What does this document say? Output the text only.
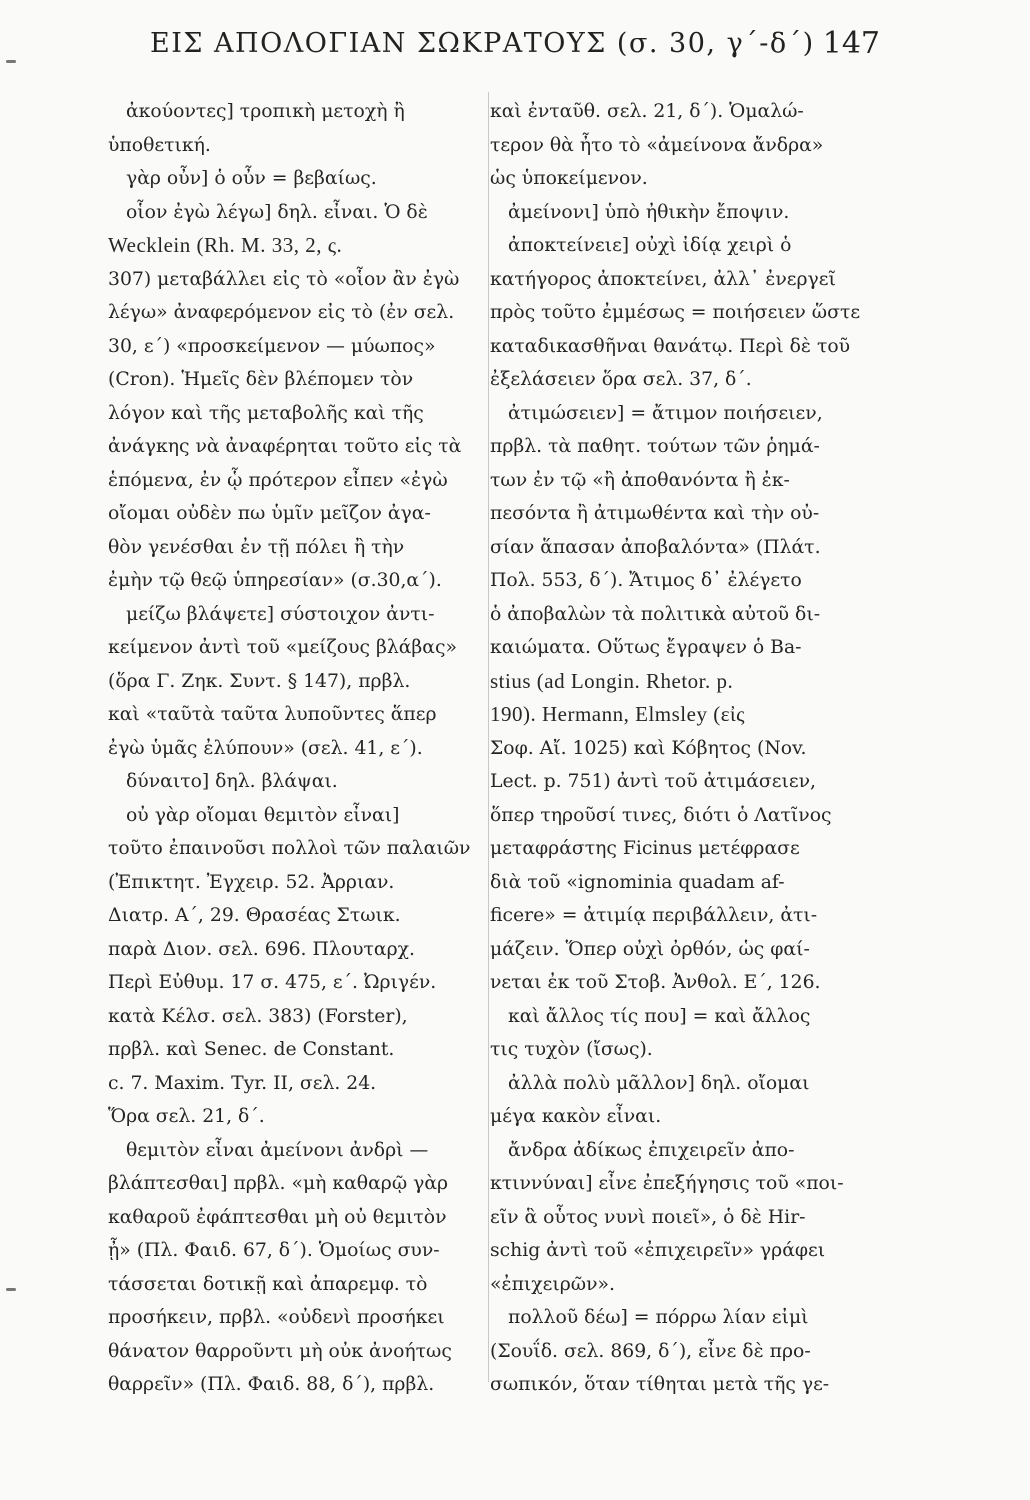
ΕΙΣ ΑΠΟΛΟΓΙΑΝ ΣΩΚΡΑΤΟΥΣ (σ. 30, γ΄-δ΄) 147
ἀκούοντες] τροπικὴ μετοχὴ ἢ
ὑποθετική.
γὰρ οὖν] ὁ οὖν = βεβαίως.
οἷον ἐγὼ λέγω] δηλ. εἶναι. Ὁ δὲ
Wecklein (Rh. M. 33, 2, ς.
307) μεταβάλλει εἰς τὸ «οἷον ἂν ἐγὼ
λέγω» ἀναφερόμενον εἰς τὸ (ἐν σελ.
30, ε΄) «προσκείμενον — μύωπος»
(Cron). Ἡμεῖς δὲν βλέπομεν τὸν
λόγον καὶ τῆς μεταβολῆς καὶ τῆς
ἀνάγκης νὰ ἀναφέρηται τοῦτο εἰς τὰ
ἑπόμενα, ἐν ᾧ πρότερον εἶπεν «ἐγὼ
οἴομαι οὐδὲν πω ὑμῖν μεῖζον ἀγα-
θὸν γενέσθαι ἐν τῇ πόλει ἢ τὴν
ἐμὴν τῷ θεῷ ὑπηρεσίαν» (σ.30,α΄).
μείζω βλάψετε] σύστοιχον ἀντι-
κείμενον ἀντὶ τοῦ «μείζους βλάβας»
(ὅρα Γ. Ζηκ. Συντ. § 147), πρβλ.
καὶ «ταῦτὰ ταῦτα λυποῦντες ἅπερ
ἐγὼ ὑμᾶς ἐλύπουν» (σελ. 41, ε΄).
δύναιτο] δηλ. βλάψαι.
οὐ γὰρ οἴομαι θεμιτὸν εἶναι]
τοῦτο ἐπαινοῦσι πολλοὶ τῶν παλαιῶν
(Ἐπικτητ. Ἐγχειρ. 52. Ἀρριαν.
Διατρ. Α΄, 29. Θρασέας Στωικ.
παρὰ Διον. σελ. 696. Πλουταρχ.
Περὶ Εὐθυμ. 17 σ. 475, ε΄. Ὠριγέν.
κατὰ Κέλσ. σελ. 383) (Forster),
πρβλ. καὶ Senec. de Constant.
c. 7. Maxim. Tyr. II, σελ. 24.
Ὅρα σελ. 21, δ΄.
θεμιτὸν εἶναι ἀμείνονι ἀνδρὶ —
βλάπτεσθαι] πρβλ. «μὴ καθαρῷ γὰρ
καθαροῦ ἐφάπτεσθαι μὴ οὐ θεμιτὸν
ᾖ» (Πλ. Φαιδ. 67, δ΄). Ὁμοίως συν-
τάσσεται δοτικῇ καὶ ἀπαρεμφ. τὸ
προσήκειν, πρβλ. «οὐδενὶ προσήκει
θάνατον θαρροῦντι μὴ οὐκ ἀνοήτως
θαρρεῖν» (Πλ. Φαιδ. 88, δ΄), πρβλ.
καὶ ἐνταῦθ. σελ. 21, δ΄). Ὁμαλώ-
τερον θὰ ἦτο τὸ «ἀμείνονα ἄνδρα»
ὡς ὑποκείμενον.
ἀμείνονι] ὑπὸ ἠθικὴν ἔποψιν.
ἀποκτείνειε] οὐχὶ ἰδίᾳ χειρὶ ὁ
κατήγορος ἀποκτείνει, ἀλλ᾽ ἐνεργεῖ
πρὸς τοῦτο ἐμμέσως = ποιήσειεν ὥστε
καταδικασθῆναι θανάτῳ. Περὶ δὲ τοῦ
ἐξελάσειεν ὅρα σελ. 37, δ΄.
ἀτιμώσειεν] = ἄτιμον ποιήσειεν,
πρβλ. τὰ παθητ. τούτων τῶν ῥημά-
των ἐν τῷ «ἢ ἀποθανόντα ἢ ἐκ-
πεσόντα ἢ ἀτιμωθέντα καὶ τὴν οὐ-
σίαν ἅπασαν ἀποβαλόντα» (Πλάτ.
Πολ. 553, δ΄). Ἄτιμος δ᾽ ἐλέγετο
ὁ ἀποβαλὼν τὰ πολιτικὰ αὐτοῦ δι-
καιώματα. Οὕτως ἔγραψεν ὁ Ba-
stius (ad Longin. Rhetor. p.
190). Hermann, Elmsley (εἰς
Σοφ. Αἴ. 1025) καὶ Κόβητος (Nov.
Lect. p. 751) ἀντὶ τοῦ ἀτιμάσειεν,
ὅπερ τηροῦσί τινες, διότι ὁ Λατῖνος
μεταφράστης Ficinus μετέφρασε
διὰ τοῦ «ignominia quadam af-
ficere» = ἀτιμίᾳ περιβάλλειν, ἀτι-
μάζειν. Ὅπερ οὐχὶ ὀρθόν, ὡς φαί-
νεται ἐκ τοῦ Στοβ. Ἀνθολ. Ε΄, 126.
καὶ ἄλλος τίς που] = καὶ ἄλλος
τις τυχὸν (ἴσως).
ἀλλὰ πολὺ μᾶλλον] δηλ. οἴομαι
μέγα κακὸν εἶναι.
ἄνδρα ἀδίκως ἐπιχειρεῖν ἀπο-
κτιννύναι] εἶνε ἐπεξήγησις τοῦ «ποι-
εῖν ἃ οὗτος νυνὶ ποιεῖ», ὁ δὲ Hir-
schig ἀντὶ τοῦ «ἐπιχειρεῖν» γράφει
«ἐπιχειρῶν».
πολλοῦ δέω] = πόρρω λίαν εἰμὶ
(Σουΐδ. σελ. 869, δ΄), εἶνε δὲ προ-
σωπικόν, ὅταν τίθηται μετὰ τῆς γε-
